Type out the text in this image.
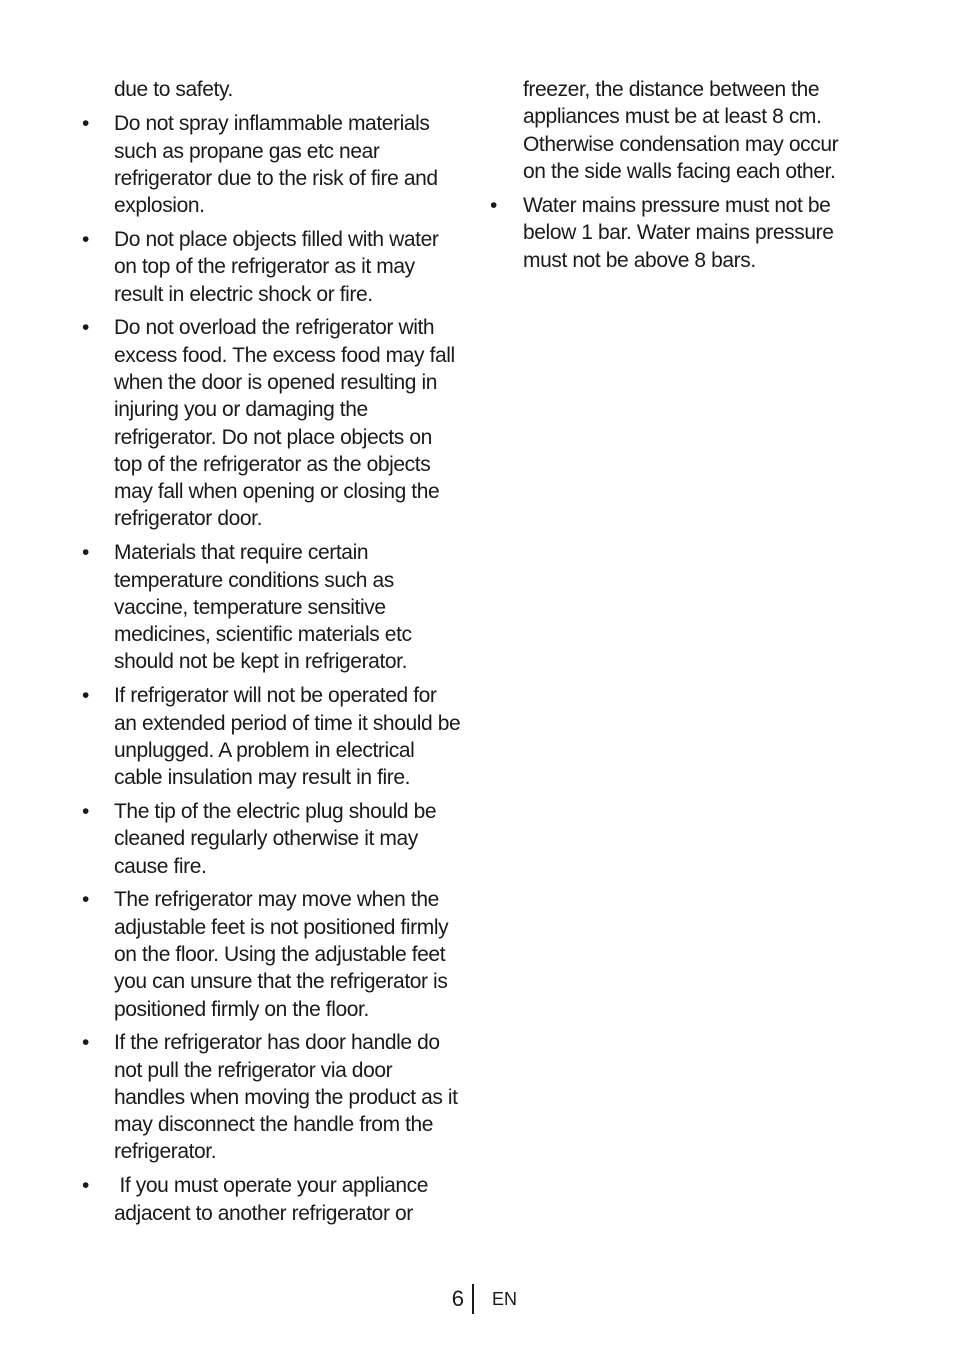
due to safety.

• Do not spray inflammable materials such as propane gas etc near refrigerator due to the risk of fire and explosion.
• Do not place objects filled with water on top of the refrigerator as it may result in electric shock or fire.
• Do not overload the refrigerator with excess food. The excess food may fall when the door is opened resulting in injuring you or damaging the refrigerator. Do not place objects on top of the refrigerator as the objects may fall when opening or closing the refrigerator door.
• Materials that require certain temperature conditions such as vaccine, temperature sensitive medicines, scientific materials etc should not be kept in refrigerator.
• If refrigerator will not be operated for an extended period of time it should be unplugged. A problem in electrical cable insulation may result in fire.
• The tip of the electric plug should be cleaned regularly otherwise it may cause fire.
• The refrigerator may move when the adjustable feet is not positioned firmly on the floor. Using the adjustable feet you can unsure that the refrigerator is positioned firmly on the floor.
• If the refrigerator has door handle do not pull the refrigerator via door handles when moving the product as it may disconnect the handle from the refrigerator.
• If you must operate your appliance adjacent to another refrigerator or

freezer, the distance between the appliances must be at least 8 cm. Otherwise condensation may occur on the side walls facing each other.

• Water mains pressure must not be below 1 bar. Water mains pressure must not be above 8 bars.
6 EN
